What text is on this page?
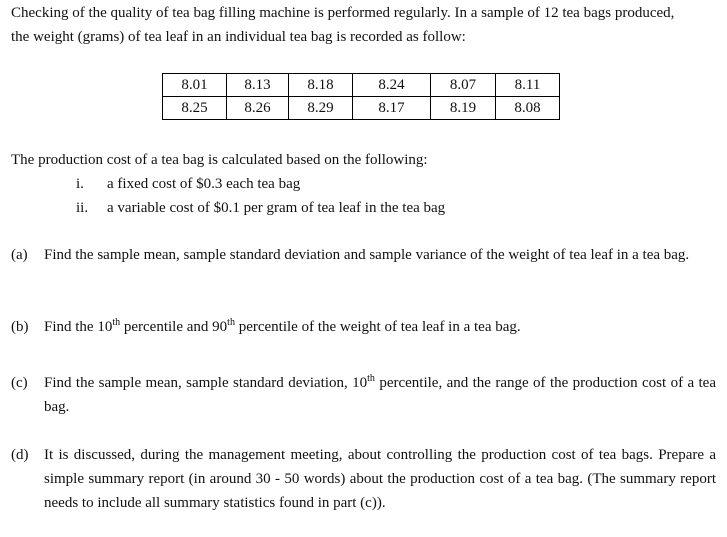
Checking of the quality of tea bag filling machine is performed regularly. In a sample of 12 tea bags produced,
the weight (grams) of tea leaf in an individual tea bag is recorded as follow:
8.01	8.13	8.18	8.24	8.07	8.11
8.25	8.26	8.29	8.17	8.19	8.08
The production cost of a tea bag is calculated based on the following:
i. a fixed cost of $0.3 each tea bag
ii. a variable cost of $0.1 per gram of tea leaf in the tea bag
(a) Find the sample mean, sample standard deviation and sample variance of the weight of tea leaf in a tea bag.
(b) Find the 10th percentile and 90th percentile of the weight of tea leaf in a tea bag.
(c) Find the sample mean, sample standard deviation, 10th percentile, and the range of the production cost of a tea bag.
(d) It is discussed, during the management meeting, about controlling the production cost of tea bags. Prepare a simple summary report (in around 30 - 50 words) about the production cost of a tea bag. (The summary report needs to include all summary statistics found in part (c)).
